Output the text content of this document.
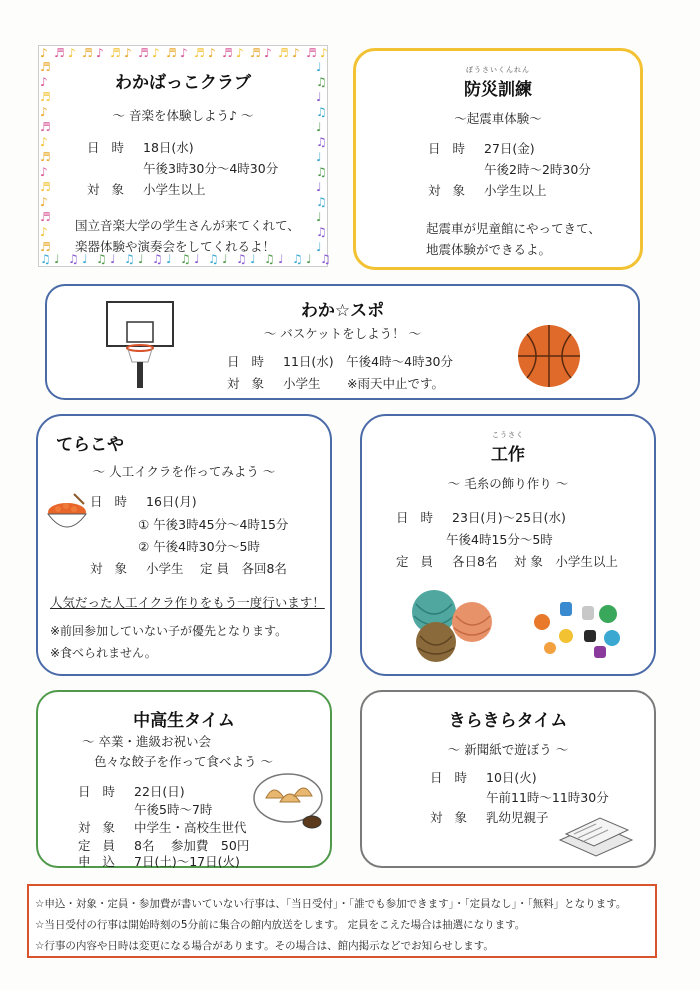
わかばっこクラブ
～ 音楽を体験しよう♪ ～
日 時 18日(水)
午後3時30分～4時30分
対 象 小学生以上
国立音楽大学の学生さんが来てくれて、
楽器体験や演奏会をしてくれるよ！
♪
♫
♬
♩
♪
♫
♬
♩
♪
♫
♬
♩
♪
♫
♬
♩
♪
♫
♬
♩
♪
♫
♬
♩
♪
♫
♬
♩
♪
♫
♬
♩
♪
♫
♬
♩
♪
♫
♬
♩
♪
♫
♬	♩
♪	♫
♬	♩
♪	♫
♬	♩
♪	♫
♬	♩
♪	♫
♬	♩
♪	♫
♬	♩
♪	♫
♬	♩
ぼうさいくんれん
防災訓練
～起震車体験～
日 時 27日(金)
午後2時～2時30分
対 象 小学生以上
起震車が児童館にやってきて、
地震体験ができるよ。
わか☆スポ
～ バスケットをしよう！ ～
日 時 11日(水)　午後4時～4時30分
対 象 小学生 ※雨天中止です。
てらこや
～ 人工イクラを作ってみよう ～
日 時 16日(月)
① 午後3時45分～4時15分
② 午後4時30分～5時
対 象 小学生　 定 員　各回8名
人気だった人工イクラ作りをもう一度行います！
※前回参加していない子が優先となります。
※食べられません。
こうさく
工作
～ 毛糸の飾り作り ～
日 時 23日(月)～25日(水)
午後4時15分～5時
定 員 各日8名　 対 象　小学生以上
中高生タイム
～ 卒業・進級お祝い会
色々な餃子を作って食べよう ～
日 時 22日(日)
午後5時～7時
対 象 中学生・高校生世代
定 員 8名　 参加費　50円
申 込 7日(土)～17日(火)
きらきらタイム
～ 新聞紙で遊ぼう ～
日 時 10日(火)
午前11時～11時30分
対 象 乳幼児親子
☆申込・対象・定員・参加費が書いていない行事は、「当日受付」・「誰でも参加できます」・「定員なし」・「無料」となります。
☆当日受付の行事は開始時刻の5分前に集合の館内放送をします。 定員をこえた場合は抽選になります。
☆行事の内容や日時は変更になる場合があります。その場合は、館内掲示などでお知らせします。
